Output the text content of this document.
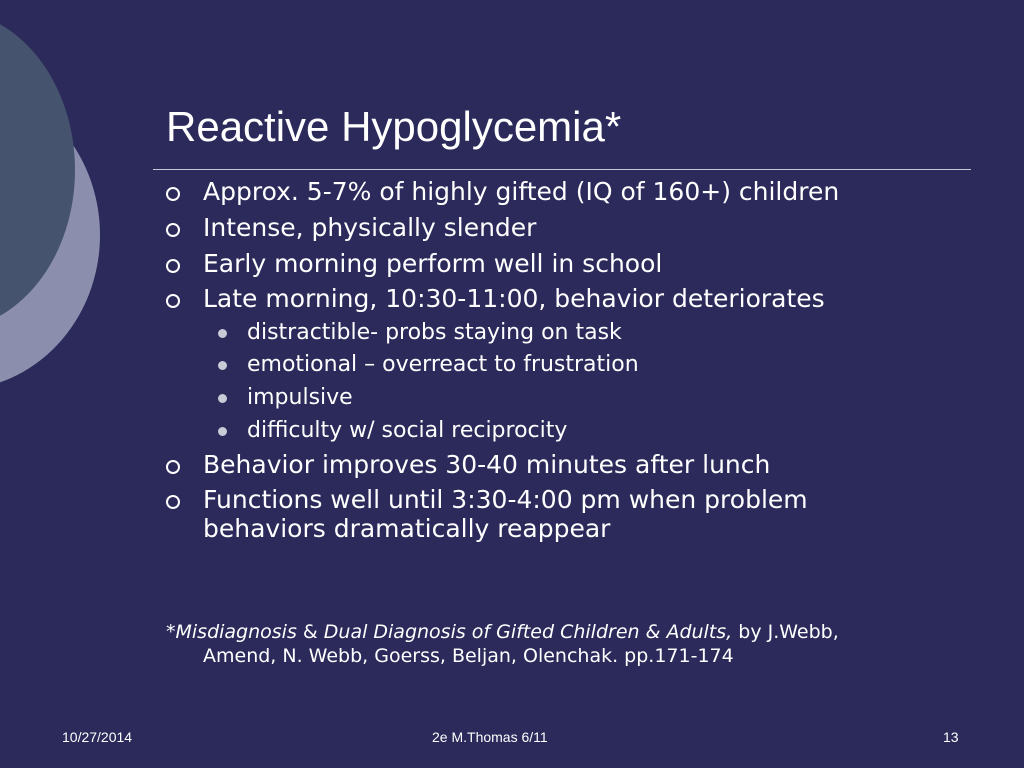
Reactive Hypoglycemia*
Approx. 5-7% of highly gifted (IQ of 160+) children
Intense, physically slender
Early morning perform well in school
Late morning, 10:30-11:00, behavior deteriorates
distractible- probs staying on task
emotional – overreact to frustration
impulsive
difficulty w/ social reciprocity
Behavior improves 30-40 minutes after lunch
Functions well until 3:30-4:00 pm when problem
behaviors dramatically reappear
*Misdiagnosis & Dual Diagnosis of Gifted Children & Adults, by J.Webb,
Amend, N. Webb, Goerss, Beljan, Olenchak. pp.171-174
10/27/2014	2e M.Thomas 6/11	13
